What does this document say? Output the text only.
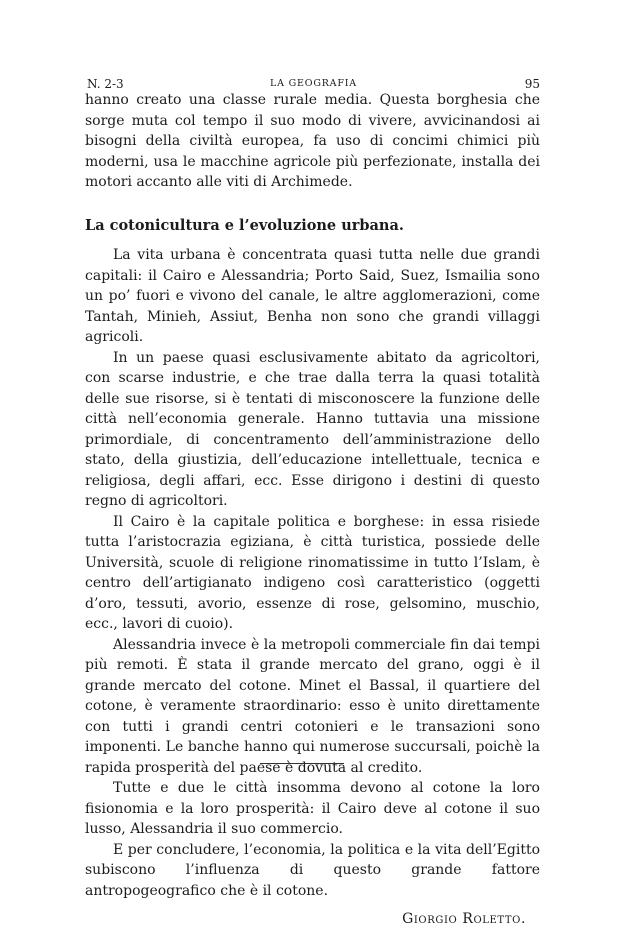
N. 2-3	LA GEOGRAFIA	95

hanno creato una classe rurale media. Questa borghesia che sorge muta col tempo il suo modo di vivere, avvicinandosi ai bisogni della civiltà europea, fa uso di concimi chimici più moderni, usa le macchine agricole più perfezionate, installa dei motori accanto alle viti di Archimede.

La cotonicultura e l’evoluzione urbana.

La vita urbana è concentrata quasi tutta nelle due grandi capitali: il Cairo e Alessandria; Porto Said, Suez, Ismailia sono un po’ fuori e vivono del canale, le altre agglomerazioni, come Tantah, Minieh, Assiut, Benha non sono che grandi villaggi agricoli.

In un paese quasi esclusivamente abitato da agricoltori, con scarse industrie, e che trae dalla terra la quasi totalità delle sue risorse, si è tentati di misconoscere la funzione delle città nell’economia generale. Hanno tuttavia una missione primordiale, di concentramento dell’amministrazione dello stato, della giustizia, dell’educazione intellettuale, tecnica e religiosa, degli affari, ecc. Esse dirigono i destini di questo regno di agricoltori.

Il Cairo è la capitale politica e borghese: in essa risiede tutta l’aristocrazia egiziana, è città turistica, possiede delle Università, scuole di religione rinomatissime in tutto l’Islam, è centro dell’artigianato indigeno così caratteristico (oggetti d’oro, tessuti, avorio, essenze di rose, gelsomino, muschio, ecc., lavori di cuoio).

Alessandria invece è la metropoli commerciale fin dai tempi più remoti. È stata il grande mercato del grano, oggi è il grande mercato del cotone. Minet el Bassal, il quartiere del cotone, è veramente straordinario: esso è unito direttamente con tutti i grandi centri cotonieri e le transazioni sono imponenti. Le banche hanno qui numerose succursali, poichè la rapida prosperità del paese è dovuta al credito.

Tutte e due le città insomma devono al cotone la loro fisionomia e la loro prosperità: il Cairo deve al cotone il suo lusso, Alessandria il suo commercio.

E per concludere, l’economia, la politica e la vita dell’Egitto subiscono l’influenza di questo grande fattore antropogeografico che è il cotone.

Giorgio Roletto.
